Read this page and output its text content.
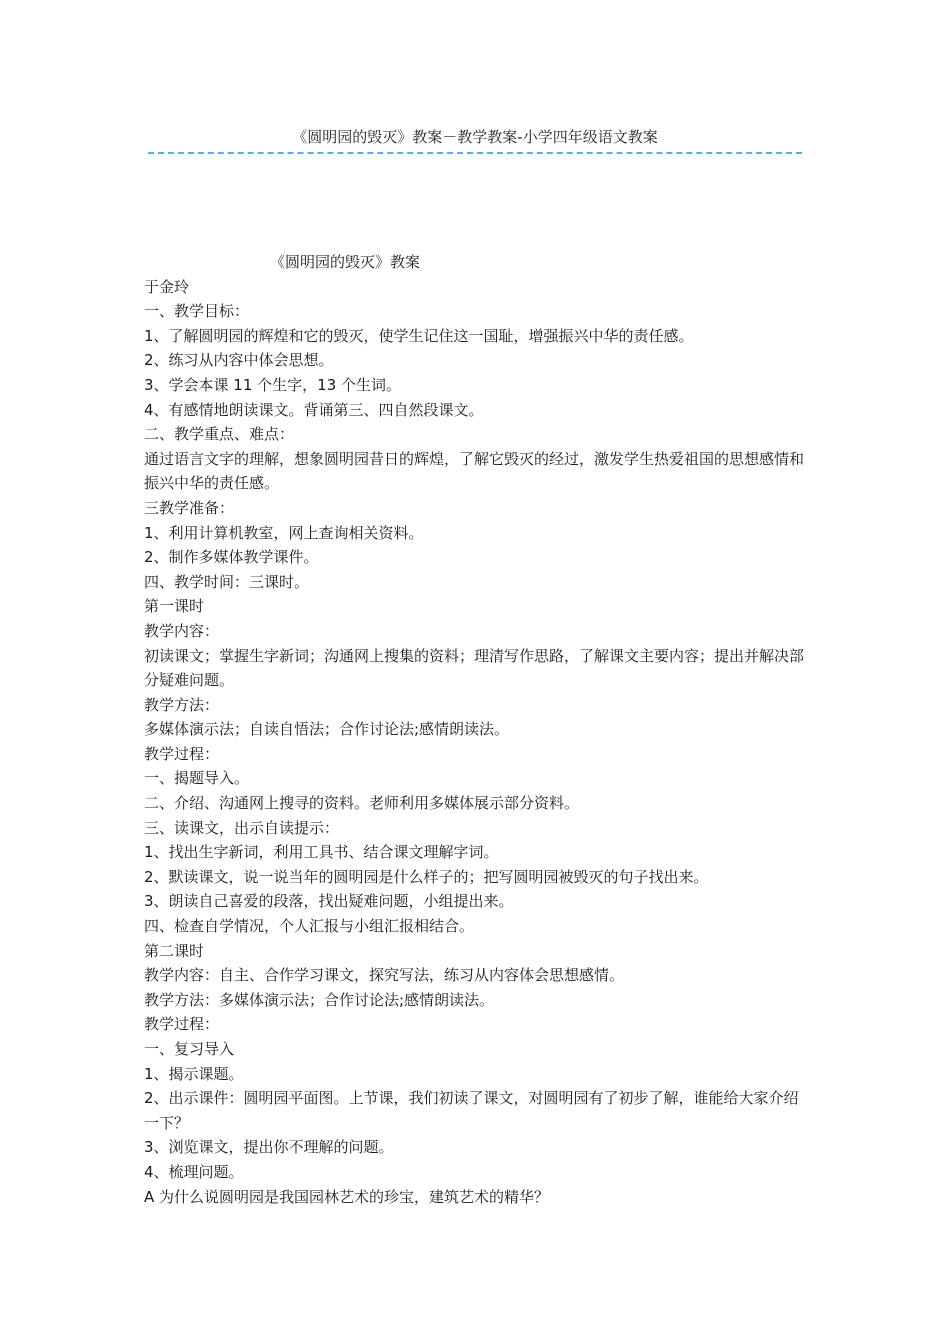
《圆明园的毁灭》教案－教学教案-小学四年级语文教案

《圆明园的毁灭》教案

于金玲

一、教学目标：

1、了解圆明园的辉煌和它的毁灭，使学生记住这一国耻，增强振兴中华的责任感。

2、练习从内容中体会思想。

3、学会本课 11 个生字，13 个生词。

4、有感情地朗读课文。背诵第三、四自然段课文。

二、教学重点、难点：

通过语言文字的理解，想象圆明园昔日的辉煌，了解它毁灭的经过，激发学生热爱祖国的思想感情和振兴中华的责任感。

三教学准备：

1、利用计算机教室，网上查询相关资料。

2、制作多媒体教学课件。

四、教学时间：三课时。

第一课时

教学内容：

初读课文；掌握生字新词；沟通网上搜集的资料；理清写作思路，了解课文主要内容；提出并解决部分疑难问题。

教学方法：

多媒体演示法；自读自悟法；合作讨论法;感情朗读法。

教学过程：

一、揭题导入。

二、介绍、沟通网上搜寻的资料。老师利用多媒体展示部分资料。

三、读课文，出示自读提示：

1、找出生字新词，利用工具书、结合课文理解字词。

2、默读课文，说一说当年的圆明园是什么样子的；把写圆明园被毁灭的句子找出来。

3、朗读自己喜爱的段落，找出疑难问题，小组提出来。

四、检查自学情况，个人汇报与小组汇报相结合。

第二课时

教学内容：自主、合作学习课文，探究写法，练习从内容体会思想感情。

教学方法：多媒体演示法；合作讨论法;感情朗读法。

教学过程：

一、复习导入

1、揭示课题。

2、出示课件：圆明园平面图。上节课，我们初读了课文，对圆明园有了初步了解，谁能给大家介绍一下？

3、浏览课文，提出你不理解的问题。

4、梳理问题。

A 为什么说圆明园是我国园林艺术的珍宝，建筑艺术的精华？
